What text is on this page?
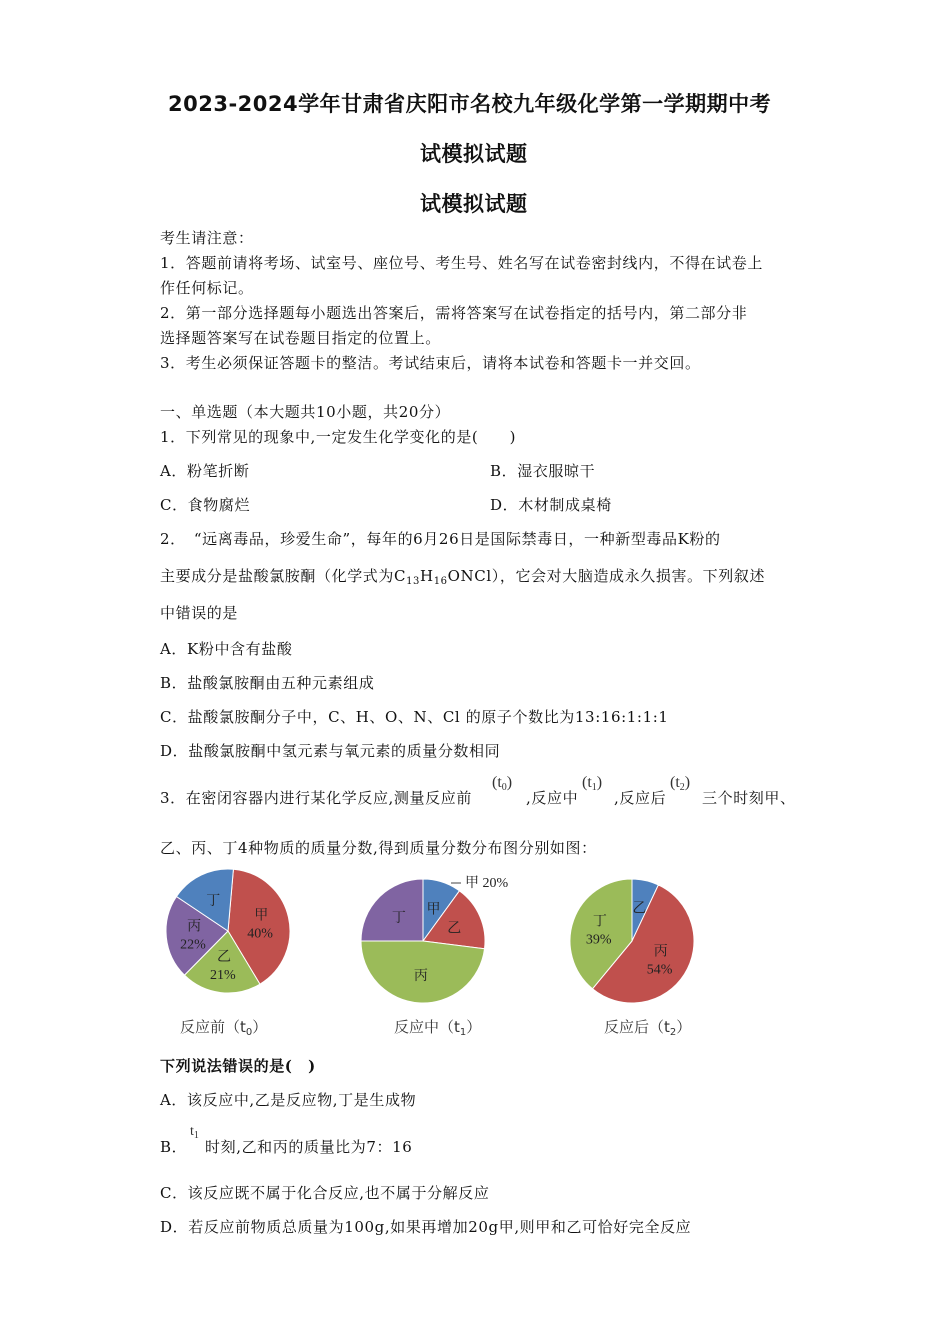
2023-2024学年甘肃省庆阳市名校九年级化学第一学期期中考
试模拟试题
试模拟试题
考生请注意：
1．答题前请将考场、试室号、座位号、考生号、姓名写在试卷密封线内，不得在试卷上
作任何标记。
2．第一部分选择题每小题选出答案后，需将答案写在试卷指定的括号内，第二部分非
选择题答案写在试卷题目指定的位置上。
3．考生必须保证答题卡的整洁。考试结束后，请将本试卷和答题卡一并交回。
一、单选题（本大题共10小题，共20分）
1．下列常见的现象中,一定发生化学变化的是(　　)
A．粉笔折断	B．湿衣服晾干
C．食物腐烂	D．木材制成桌椅
2．　“远离毒品，珍爱生命”，每年的6月26日是国际禁毒日，一种新型毒品K粉的
主要成分是盐酸氯胺酮（化学式为$C_{13}H_{16}ONCl$），它会对大脑造成永久损害。下列叙述
中错误的是
A．K粉中含有盐酸
B．盐酸氯胺酮由五种元素组成
C．盐酸氯胺酮分子中，C、H、O、N、Cl 的原子个数比为13:16:1:1:1
D．盐酸氯胺酮中氢元素与氧元素的质量分数相同
3．在密闭容器内进行某化学反应,测量反应前
$(t_0)$
,反应中
$(t_1)$
,反应后
$(t_2)$
三个时刻甲、
乙、丙、丁4种物质的质量分数,得到质量分数分布图分别如图：
甲
40%
乙
21%
丙
22%
丁
甲
乙
丙
丁
甲 20%
乙
丙
54%
丁
39%
反应前$(t_0)$	反应中$(t_1)$	反应后$(t_2)$
下列说法错误的是(　)
A．该反应中,乙是反应物,丁是生成物
B．
$t_1$
时刻,乙和丙的质量比为7：16
C．该反应既不属于化合反应,也不属于分解反应
D．若反应前物质总质量为100g,如果再增加20g甲,则甲和乙可恰好完全反应
